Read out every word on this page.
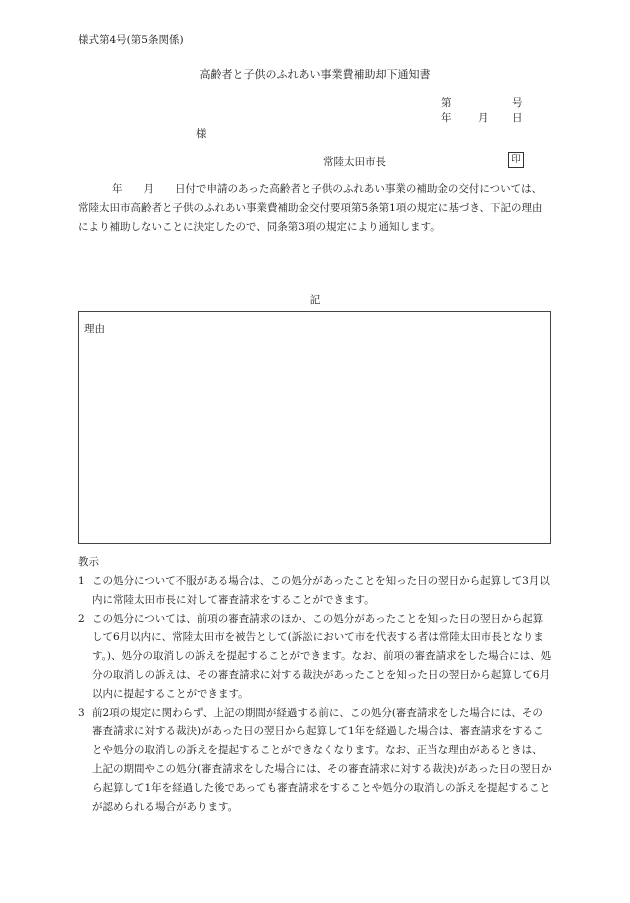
様式第4号(第5条関係)
高齢者と子供のふれあい事業費補助却下通知書
第	号
年	月 日
様
常陸太田市長	印
年　　月　　日付で申請のあった高齢者と子供のふれあい事業の補助金の交付については、常陸太田市高齢者と子供のふれあい事業費補助金交付要項第5条第1項の規定に基づき、下記の理由により補助しないことに決定したので、同条第3項の規定により通知します。
記
理由
教示

1 この処分について不服がある場合は、この処分があったことを知った日の翌日から起算して3月以内に常陸太田市長に対して審査請求をすることができます。

2 この処分については、前項の審査請求のほか、この処分があったことを知った日の翌日から起算して6月以内に、常陸太田市を被告として(訴訟において市を代表する者は常陸太田市長となります。)、処分の取消しの訴えを提起することができます。なお、前項の審査請求をした場合には、処分の取消しの訴えは、その審査請求に対する裁決があったことを知った日の翌日から起算して6月以内に提起することができます。

3 前2項の規定に関わらず、上記の期間が経過する前に、この処分(審査請求をした場合には、その審査請求に対する裁決)があった日の翌日から起算して1年を経過した場合は、審査請求をすることや処分の取消しの訴えを提起することができなくなります。なお、正当な理由があるときは、上記の期間やこの処分(審査請求をした場合には、その審査請求に対する裁決)があった日の翌日から起算して1年を経過した後であっても審査請求をすることや処分の取消しの訴えを提起することが認められる場合があります。
